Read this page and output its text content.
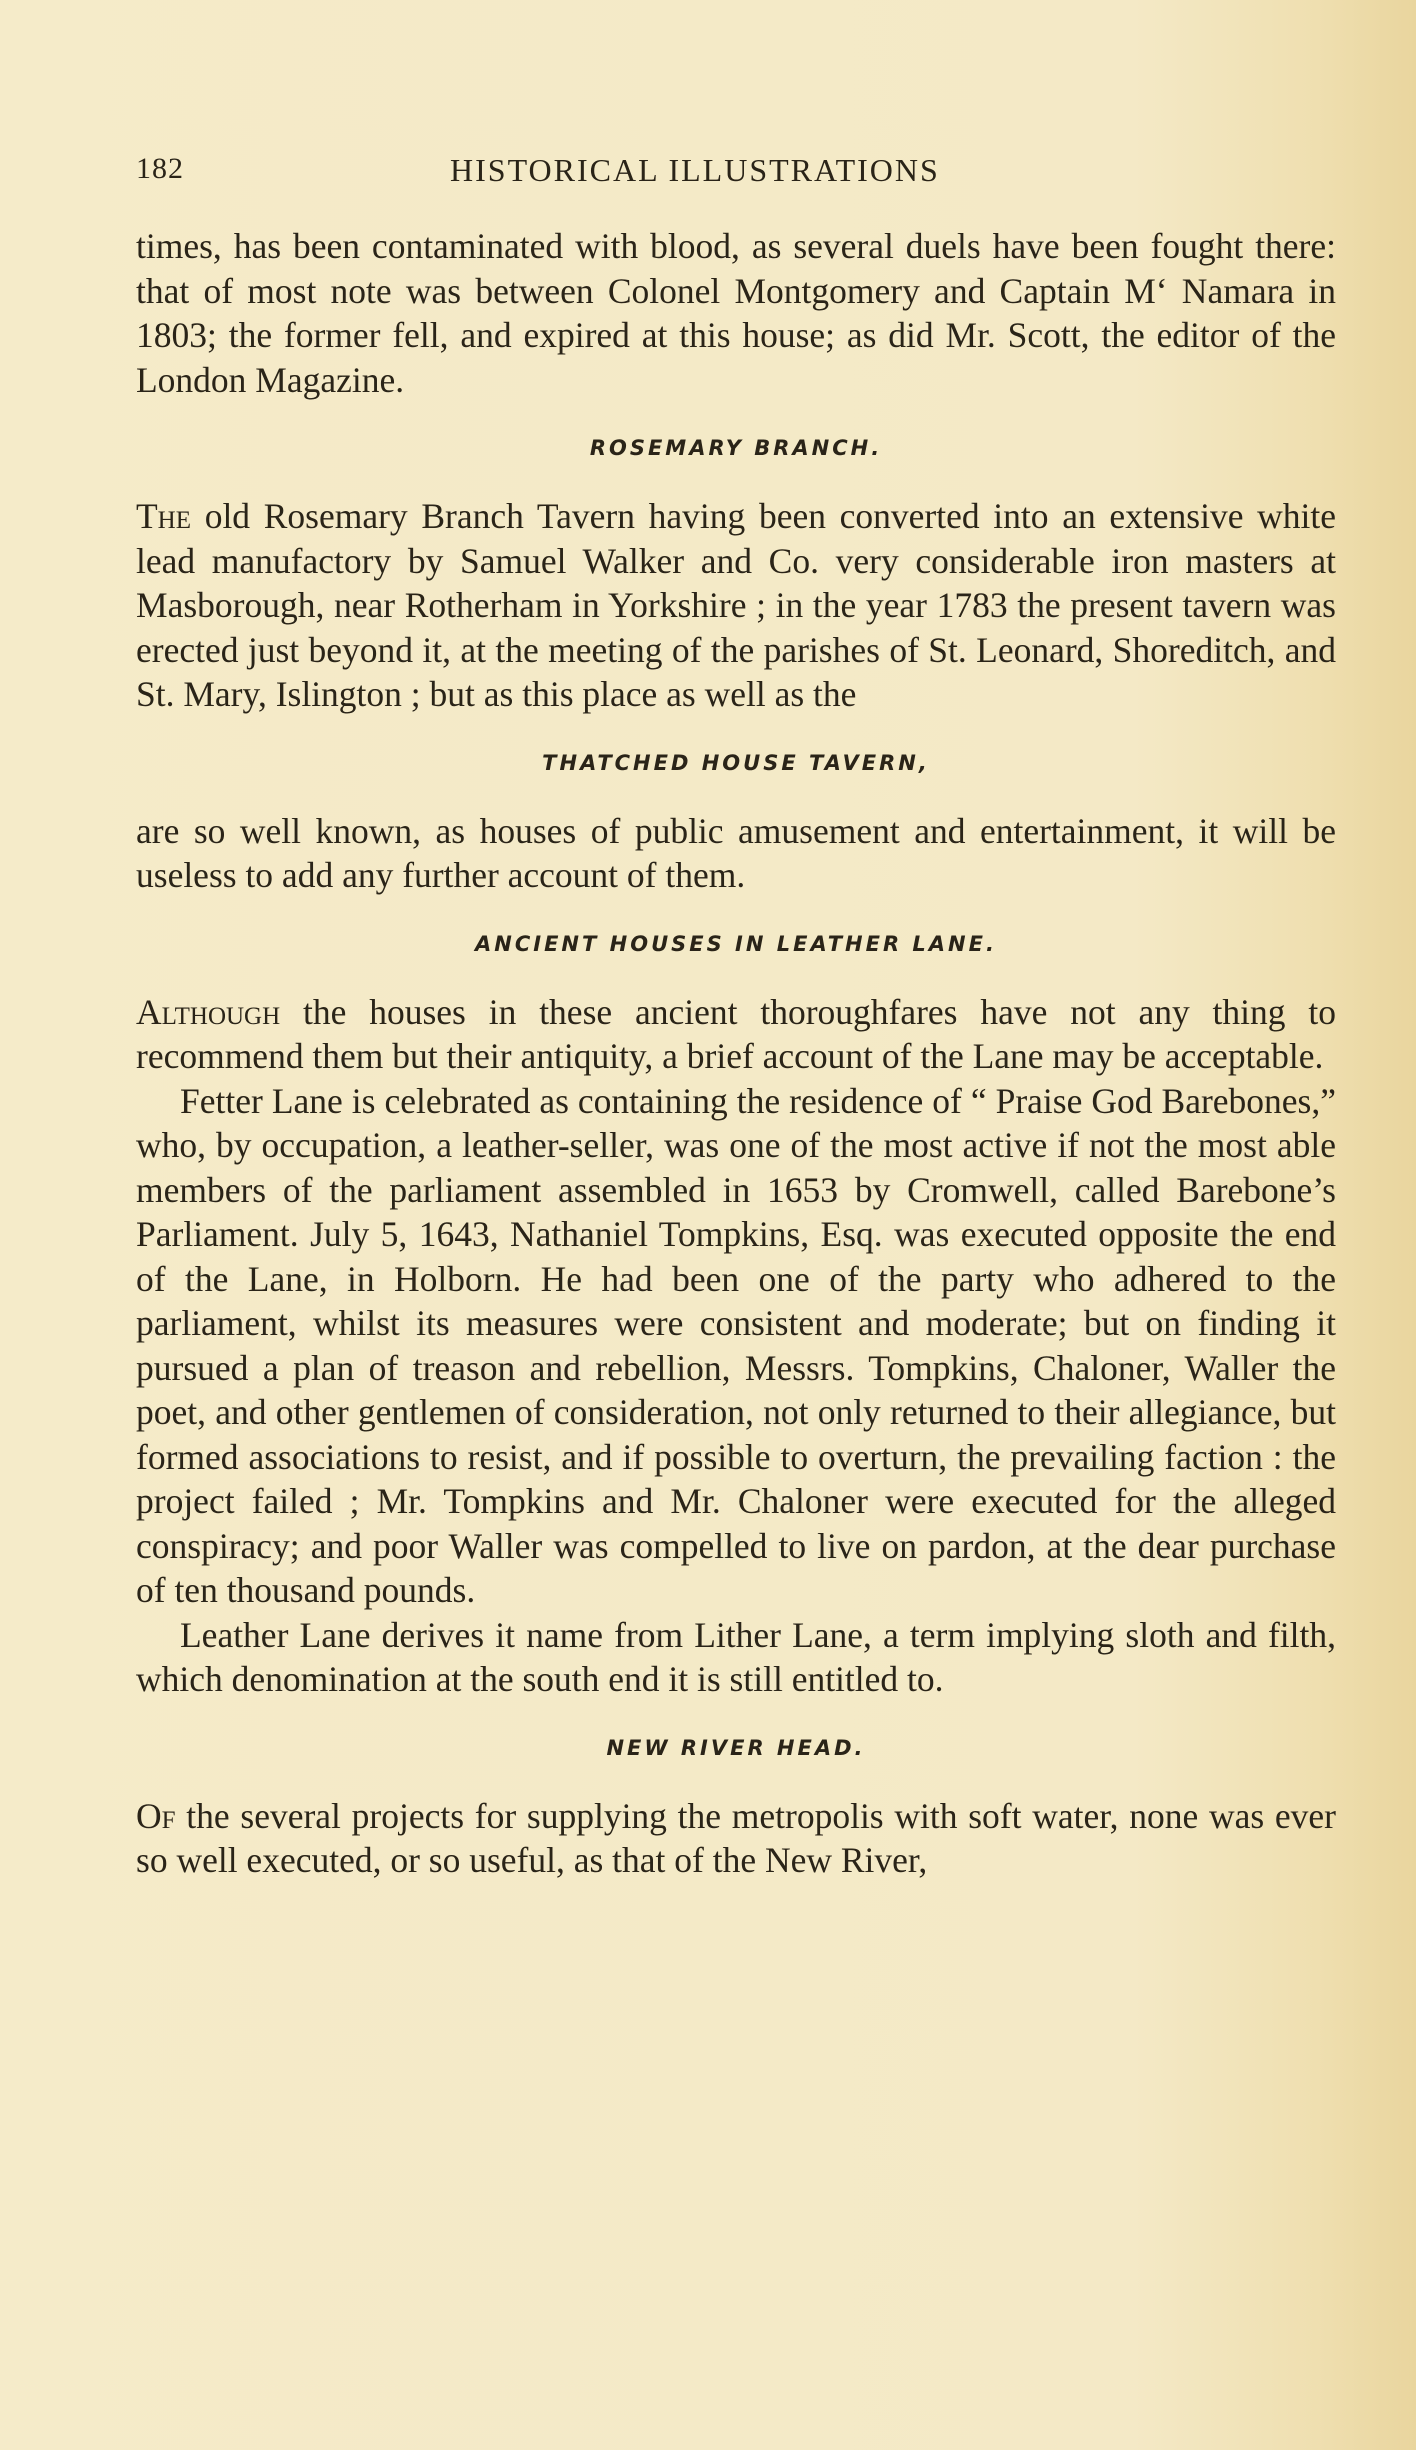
182	HISTORICAL ILLUSTRATIONS

times, has been contaminated with blood, as several duels have been fought there: that of most note was between Colonel Montgomery and Captain M‘ Namara in 1803; the former fell, and expired at this house; as did Mr. Scott, the editor of the London Magazine.

ROSEMARY BRANCH.

The old Rosemary Branch Tavern having been converted into an extensive white lead manufactory by Samuel Walker and Co. very considerable iron masters at Masborough, near Rotherham in Yorkshire ; in the year 1783 the present tavern was erected just beyond it, at the meeting of the parishes of St. Leonard, Shoreditch, and St. Mary, Islington ; but as this place as well as the

THATCHED HOUSE TAVERN,

are so well known, as houses of public amusement and entertainment, it will be useless to add any further account of them.

ANCIENT HOUSES IN LEATHER LANE.

Although the houses in these ancient thoroughfares have not any thing to recommend them but their antiquity, a brief account of the Lane may be acceptable.

Fetter Lane is celebrated as containing the residence of “ Praise God Barebones,” who, by occupation, a leather-seller, was one of the most active if not the most able members of the parliament assembled in 1653 by Cromwell, called Barebone’s Parliament. July 5, 1643, Nathaniel Tompkins, Esq. was executed opposite the end of the Lane, in Holborn. He had been one of the party who adhered to the parliament, whilst its measures were consistent and moderate; but on finding it pursued a plan of treason and rebellion, Messrs. Tompkins, Chaloner, Waller the poet, and other gentlemen of consideration, not only returned to their allegiance, but formed associations to resist, and if possible to overturn, the prevailing faction : the project failed ; Mr. Tompkins and Mr. Chaloner were executed for the alleged conspiracy; and poor Waller was compelled to live on pardon, at the dear purchase of ten thousand pounds.

Leather Lane derives it name from Lither Lane, a term implying sloth and filth, which denomination at the south end it is still entitled to.

NEW RIVER HEAD.

Of the several projects for supplying the metropolis with soft water, none was ever so well executed, or so useful, as that of the New River,
